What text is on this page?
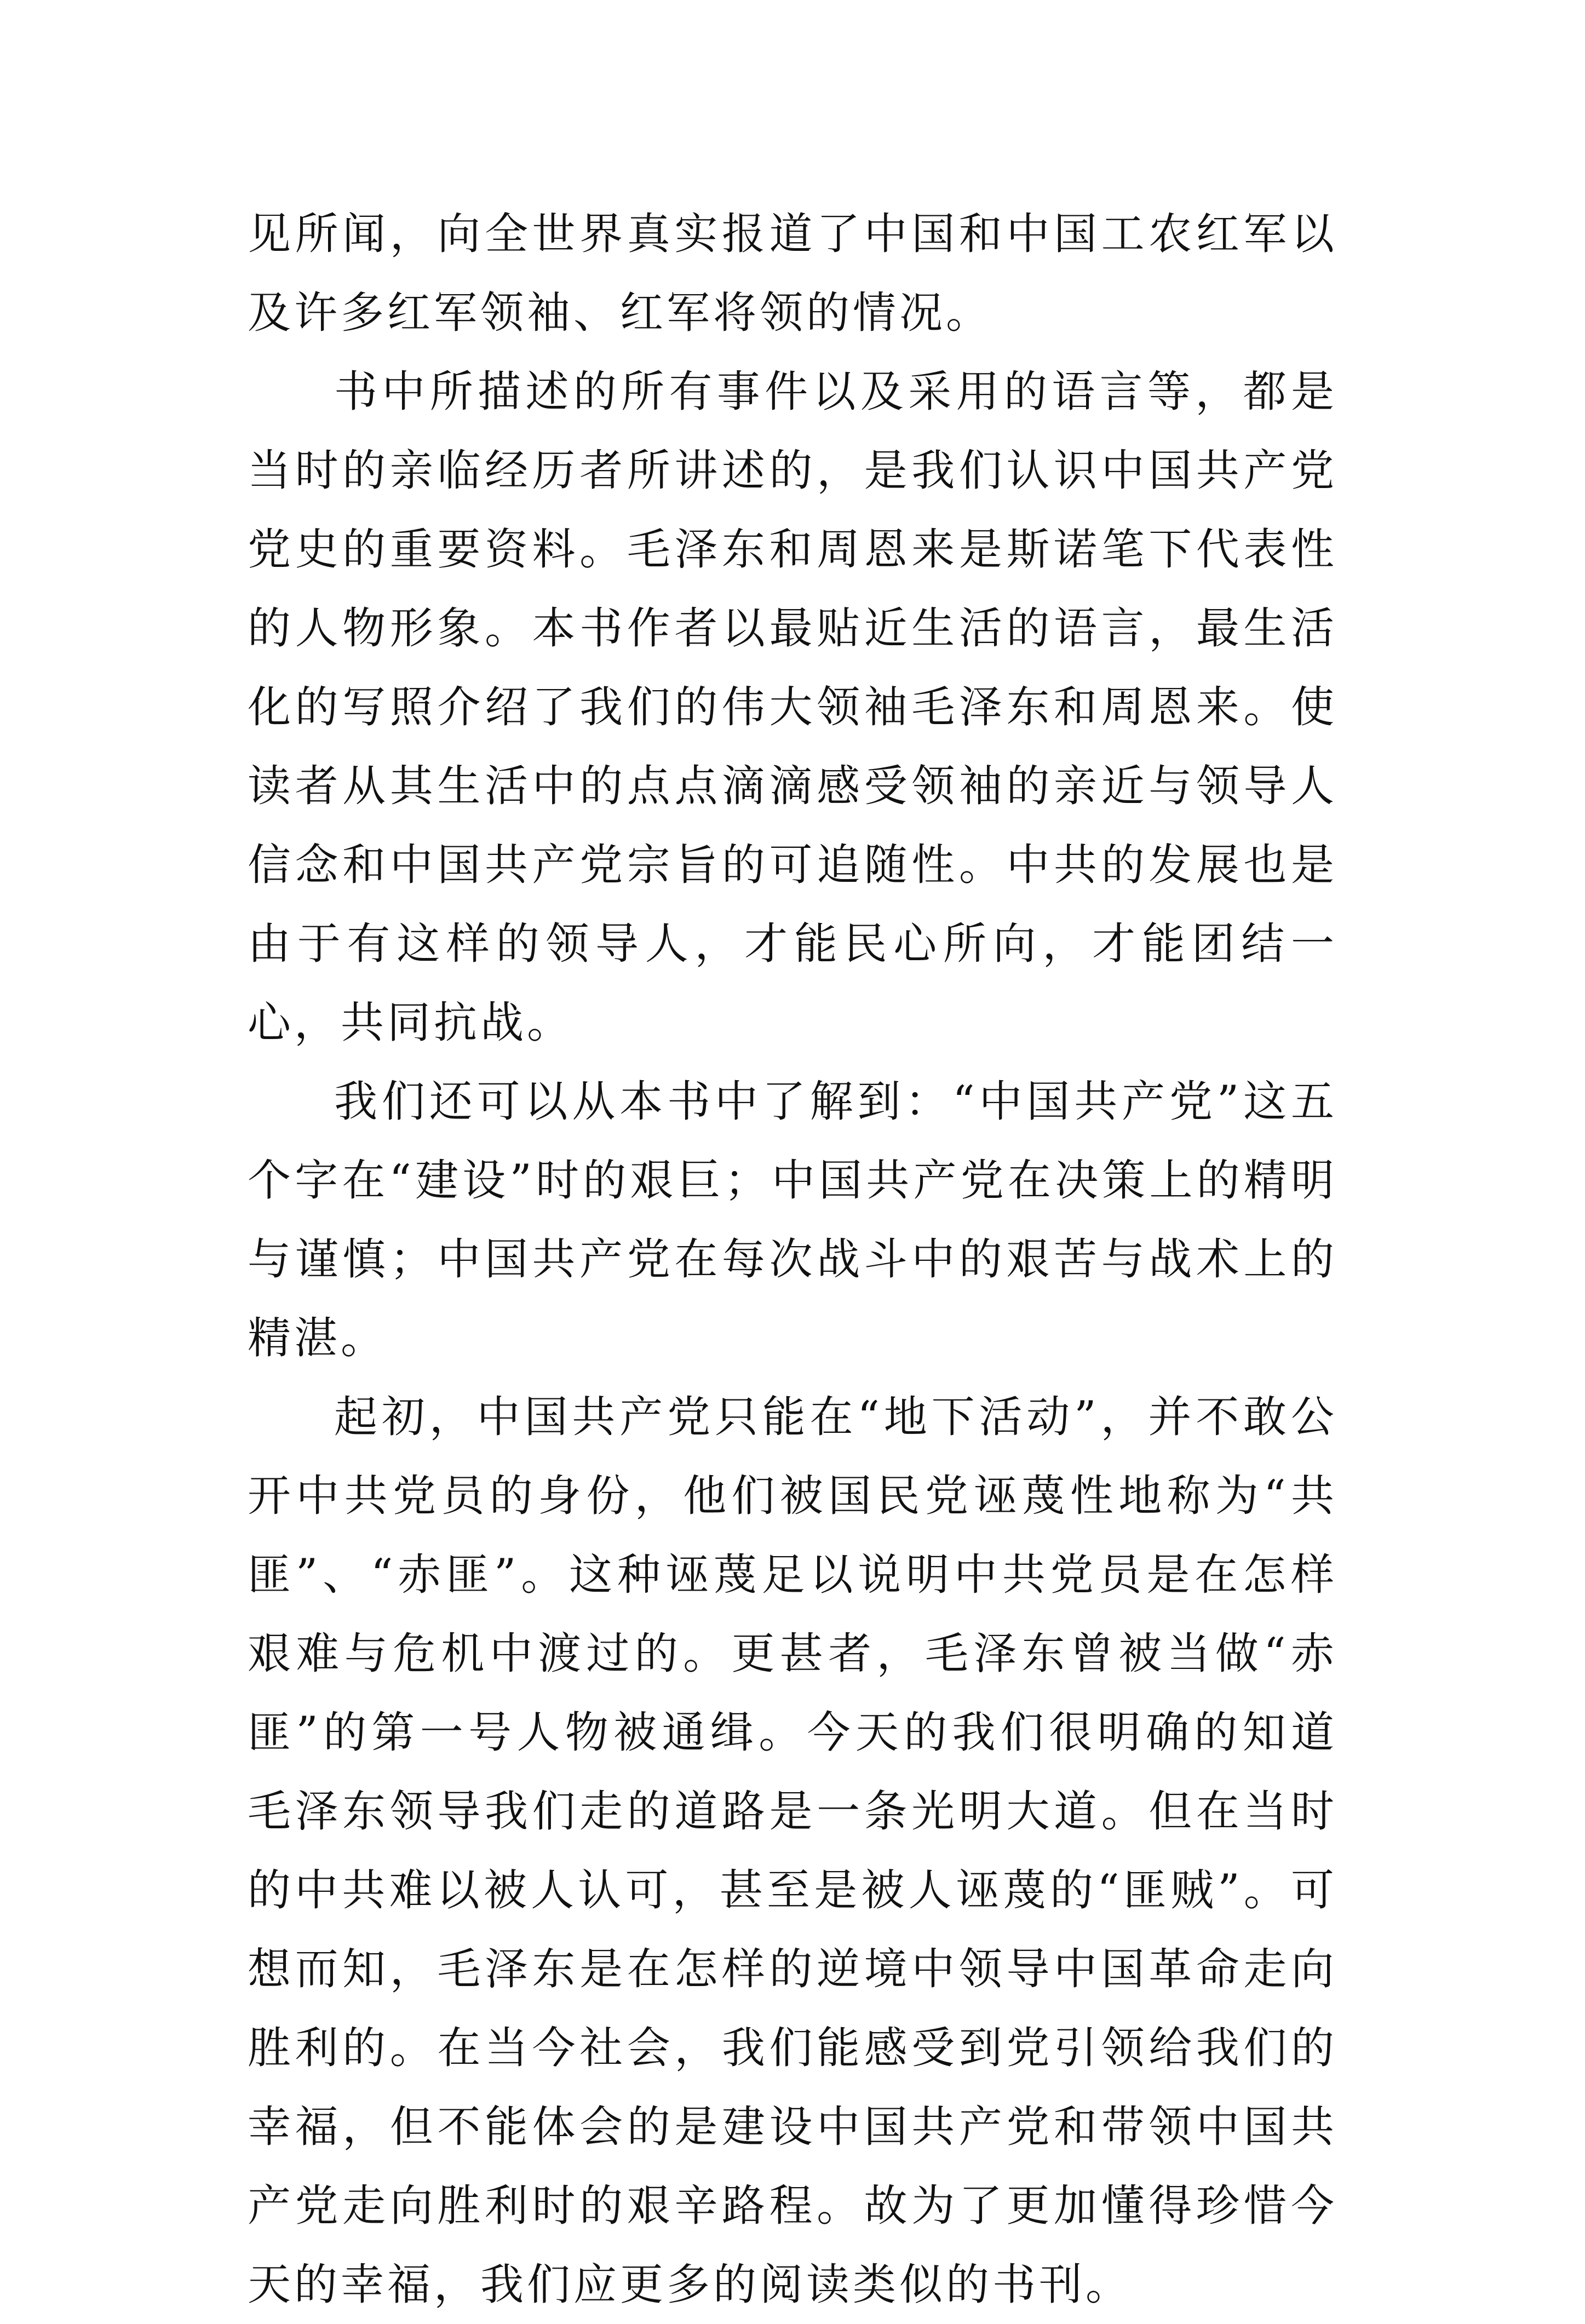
见所闻，向全世界真实报道了中国和中国工农红军以及许多红军领袖、红军将领的情况。

书中所描述的所有事件以及采用的语言等，都是当时的亲临经历者所讲述的，是我们认识中国共产党党史的重要资料。毛泽东和周恩来是斯诺笔下代表性的人物形象。本书作者以最贴近生活的语言，最生活化的写照介绍了我们的伟大领袖毛泽东和周恩来。使读者从其生活中的点点滴滴感受领袖的亲近与领导人信念和中国共产党宗旨的可追随性。中共的发展也是由于有这样的领导人，才能民心所向，才能团结一心，共同抗战。

我们还可以从本书中了解到：“中国共产党”这五个字在“建设”时的艰巨；中国共产党在决策上的精明与谨慎；中国共产党在每次战斗中的艰苦与战术上的精湛。

起初，中国共产党只能在“地下活动”，并不敢公开中共党员的身份，他们被国民党诬蔑性地称为“共匪”、“赤匪”。这种诬蔑足以说明中共党员是在怎样艰难与危机中渡过的。更甚者，毛泽东曾被当做“赤匪”的第一号人物被通缉。今天的我们很明确的知道毛泽东领导我们走的道路是一条光明大道。但在当时的中共难以被人认可，甚至是被人诬蔑的“匪贼”。可想而知，毛泽东是在怎样的逆境中领导中国革命走向胜利的。在当今社会，我们能感受到党引领给我们的幸福，但不能体会的是建设中国共产党和带领中国共产党走向胜利时的艰辛路程。故为了更加懂得珍惜今天的幸福，我们应更多的阅读类似的书刊。
